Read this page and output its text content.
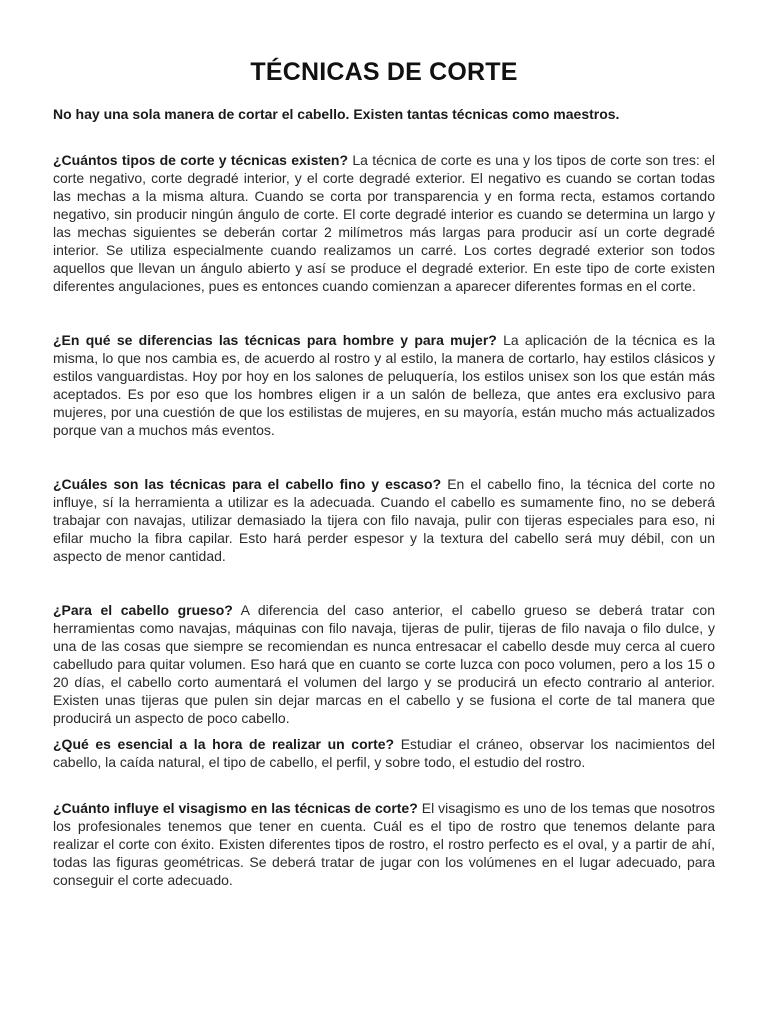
TÉCNICAS DE CORTE

No hay una sola manera de cortar el cabello. Existen tantas técnicas como maestros.

¿Cuántos tipos de corte y técnicas existen? La técnica de corte es una y los tipos de corte son tres: el corte negativo, corte degradé interior, y el corte degradé exterior. El negativo es cuando se cortan todas las mechas a la misma altura. Cuando se corta por transparencia y en forma recta, estamos cortando negativo, sin producir ningún ángulo de corte. El corte degradé interior es cuando se determina un largo y las mechas siguientes se deberán cortar 2 milímetros más largas para producir así un corte degradé interior. Se utiliza especialmente cuando realizamos un carré. Los cortes degradé exterior son todos aquellos que llevan un ángulo abierto y así se produce el degradé exterior. En este tipo de corte existen diferentes angulaciones, pues es entonces cuando comienzan a aparecer diferentes formas en el corte.

¿En qué se diferencias las técnicas para hombre y para mujer? La aplicación de la técnica es la misma, lo que nos cambia es, de acuerdo al rostro y al estilo, la manera de cortarlo, hay estilos clásicos y estilos vanguardistas. Hoy por hoy en los salones de peluquería, los estilos unisex son los que están más aceptados. Es por eso que los hombres eligen ir a un salón de belleza, que antes era exclusivo para mujeres, por una cuestión de que los estilistas de mujeres, en su mayoría, están mucho más actualizados porque van a muchos más eventos.

¿Cuáles son las técnicas para el cabello fino y escaso? En el cabello fino, la técnica del corte no influye, sí la herramienta a utilizar es la adecuada. Cuando el cabello es sumamente fino, no se deberá trabajar con navajas, utilizar demasiado la tijera con filo navaja, pulir con tijeras especiales para eso, ni efilar mucho la fibra capilar. Esto hará perder espesor y la textura del cabello será muy débil, con un aspecto de menor cantidad.

¿Para el cabello grueso? A diferencia del caso anterior, el cabello grueso se deberá tratar con herramientas como navajas, máquinas con filo navaja, tijeras de pulir, tijeras de filo navaja o filo dulce, y una de las cosas que siempre se recomiendan es nunca entresacar el cabello desde muy cerca al cuero cabelludo para quitar volumen. Eso hará que en cuanto se corte luzca con poco volumen, pero a los 15 o 20 días, el cabello corto aumentará el volumen del largo y se producirá un efecto contrario al anterior. Existen unas tijeras que pulen sin dejar marcas en el cabello y se fusiona el corte de tal manera que producirá un aspecto de poco cabello.

¿Qué es esencial a la hora de realizar un corte? Estudiar el cráneo, observar los nacimientos del cabello, la caída natural, el tipo de cabello, el perfil, y sobre todo, el estudio del rostro.

¿Cuánto influye el visagismo en las técnicas de corte? El visagismo es uno de los temas que nosotros los profesionales tenemos que tener en cuenta. Cuál es el tipo de rostro que tenemos delante para realizar el corte con éxito. Existen diferentes tipos de rostro, el rostro perfecto es el oval, y a partir de ahí, todas las figuras geométricas. Se deberá tratar de jugar con los volúmenes en el lugar adecuado, para conseguir el corte adecuado.
